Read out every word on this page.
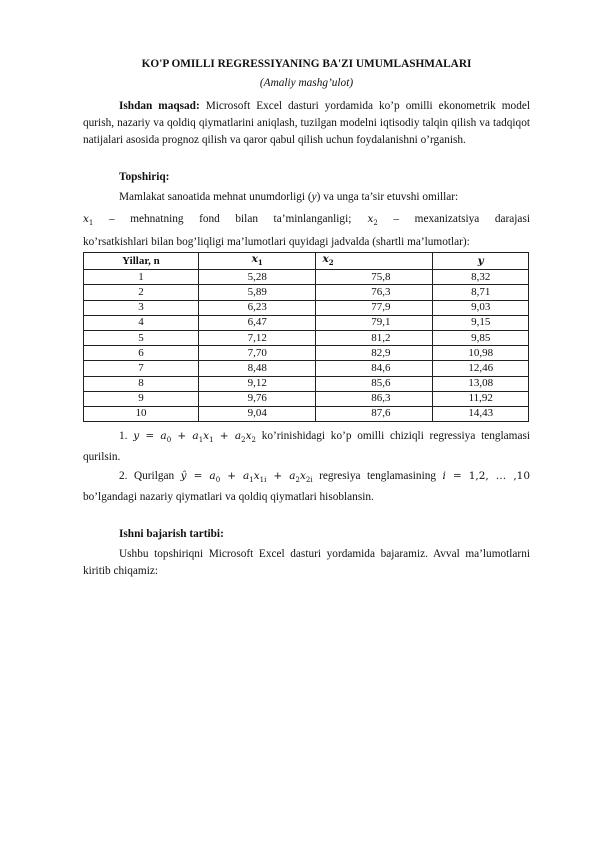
KO'P OMILLI REGRESSIYANING BA'ZI UMUMLASHMALARI

(Amaliy mashg’ulot)

Ishdan maqsad: Microsoft Excel dasturi yordamida ko’p omilli ekonometrik model qurish, nazariy va qoldiq qiymatlarini aniqlash, tuzilgan modelni iqtisodiy talqin qilish va tadqiqot natijalari asosida prognoz qilish va qaror qabul qilish uchun foydalanishni o’rganish.

Topshiriq:

Mamlakat sanoatida mehnat unumdorligi (y) va unga ta’sir etuvshi omillar:

$x_1$ – mehnatning fond bilan ta’minlanganligi; $x_2$ – mexanizatsiya darajasi

ko’rsatkishlari bilan bog’liqligi ma’lumotlari quyidagi jadvalda (shartli ma’lumotlar):

Yillar, n	$x_1$	$x_2$	y
1	5,28	75,8	8,32
2	5,89	76,3	8,71
3	6,23	77,9	9,03
4	6,47	79,1	9,15
5	7,12	81,2	9,85
6	7,70	82,9	10,98
7	8,48	84,6	12,46
8	9,12	85,6	13,08
9	9,76	86,3	11,92
10	9,04	87,6	14,43

1. $y = a_0 + a_1x_1 + a_2x_2$ ko’rinishidagi ko’p omilli chiziqli regressiya tenglamasi qurilsin.

2. Qurilgan ŷ = $a_0 + a_1x_{1i} + a_2x_{2i}$ regresiya tenglamasining i = 1,2, … ,10 bo’lgandagi nazariy qiymatlari va qoldiq qiymatlari hisoblansin.

Ishni bajarish tartibi:

Ushbu topshiriqni Microsoft Excel dasturi yordamida bajaramiz. Avval ma’lumotlarni kiritib chiqamiz:
